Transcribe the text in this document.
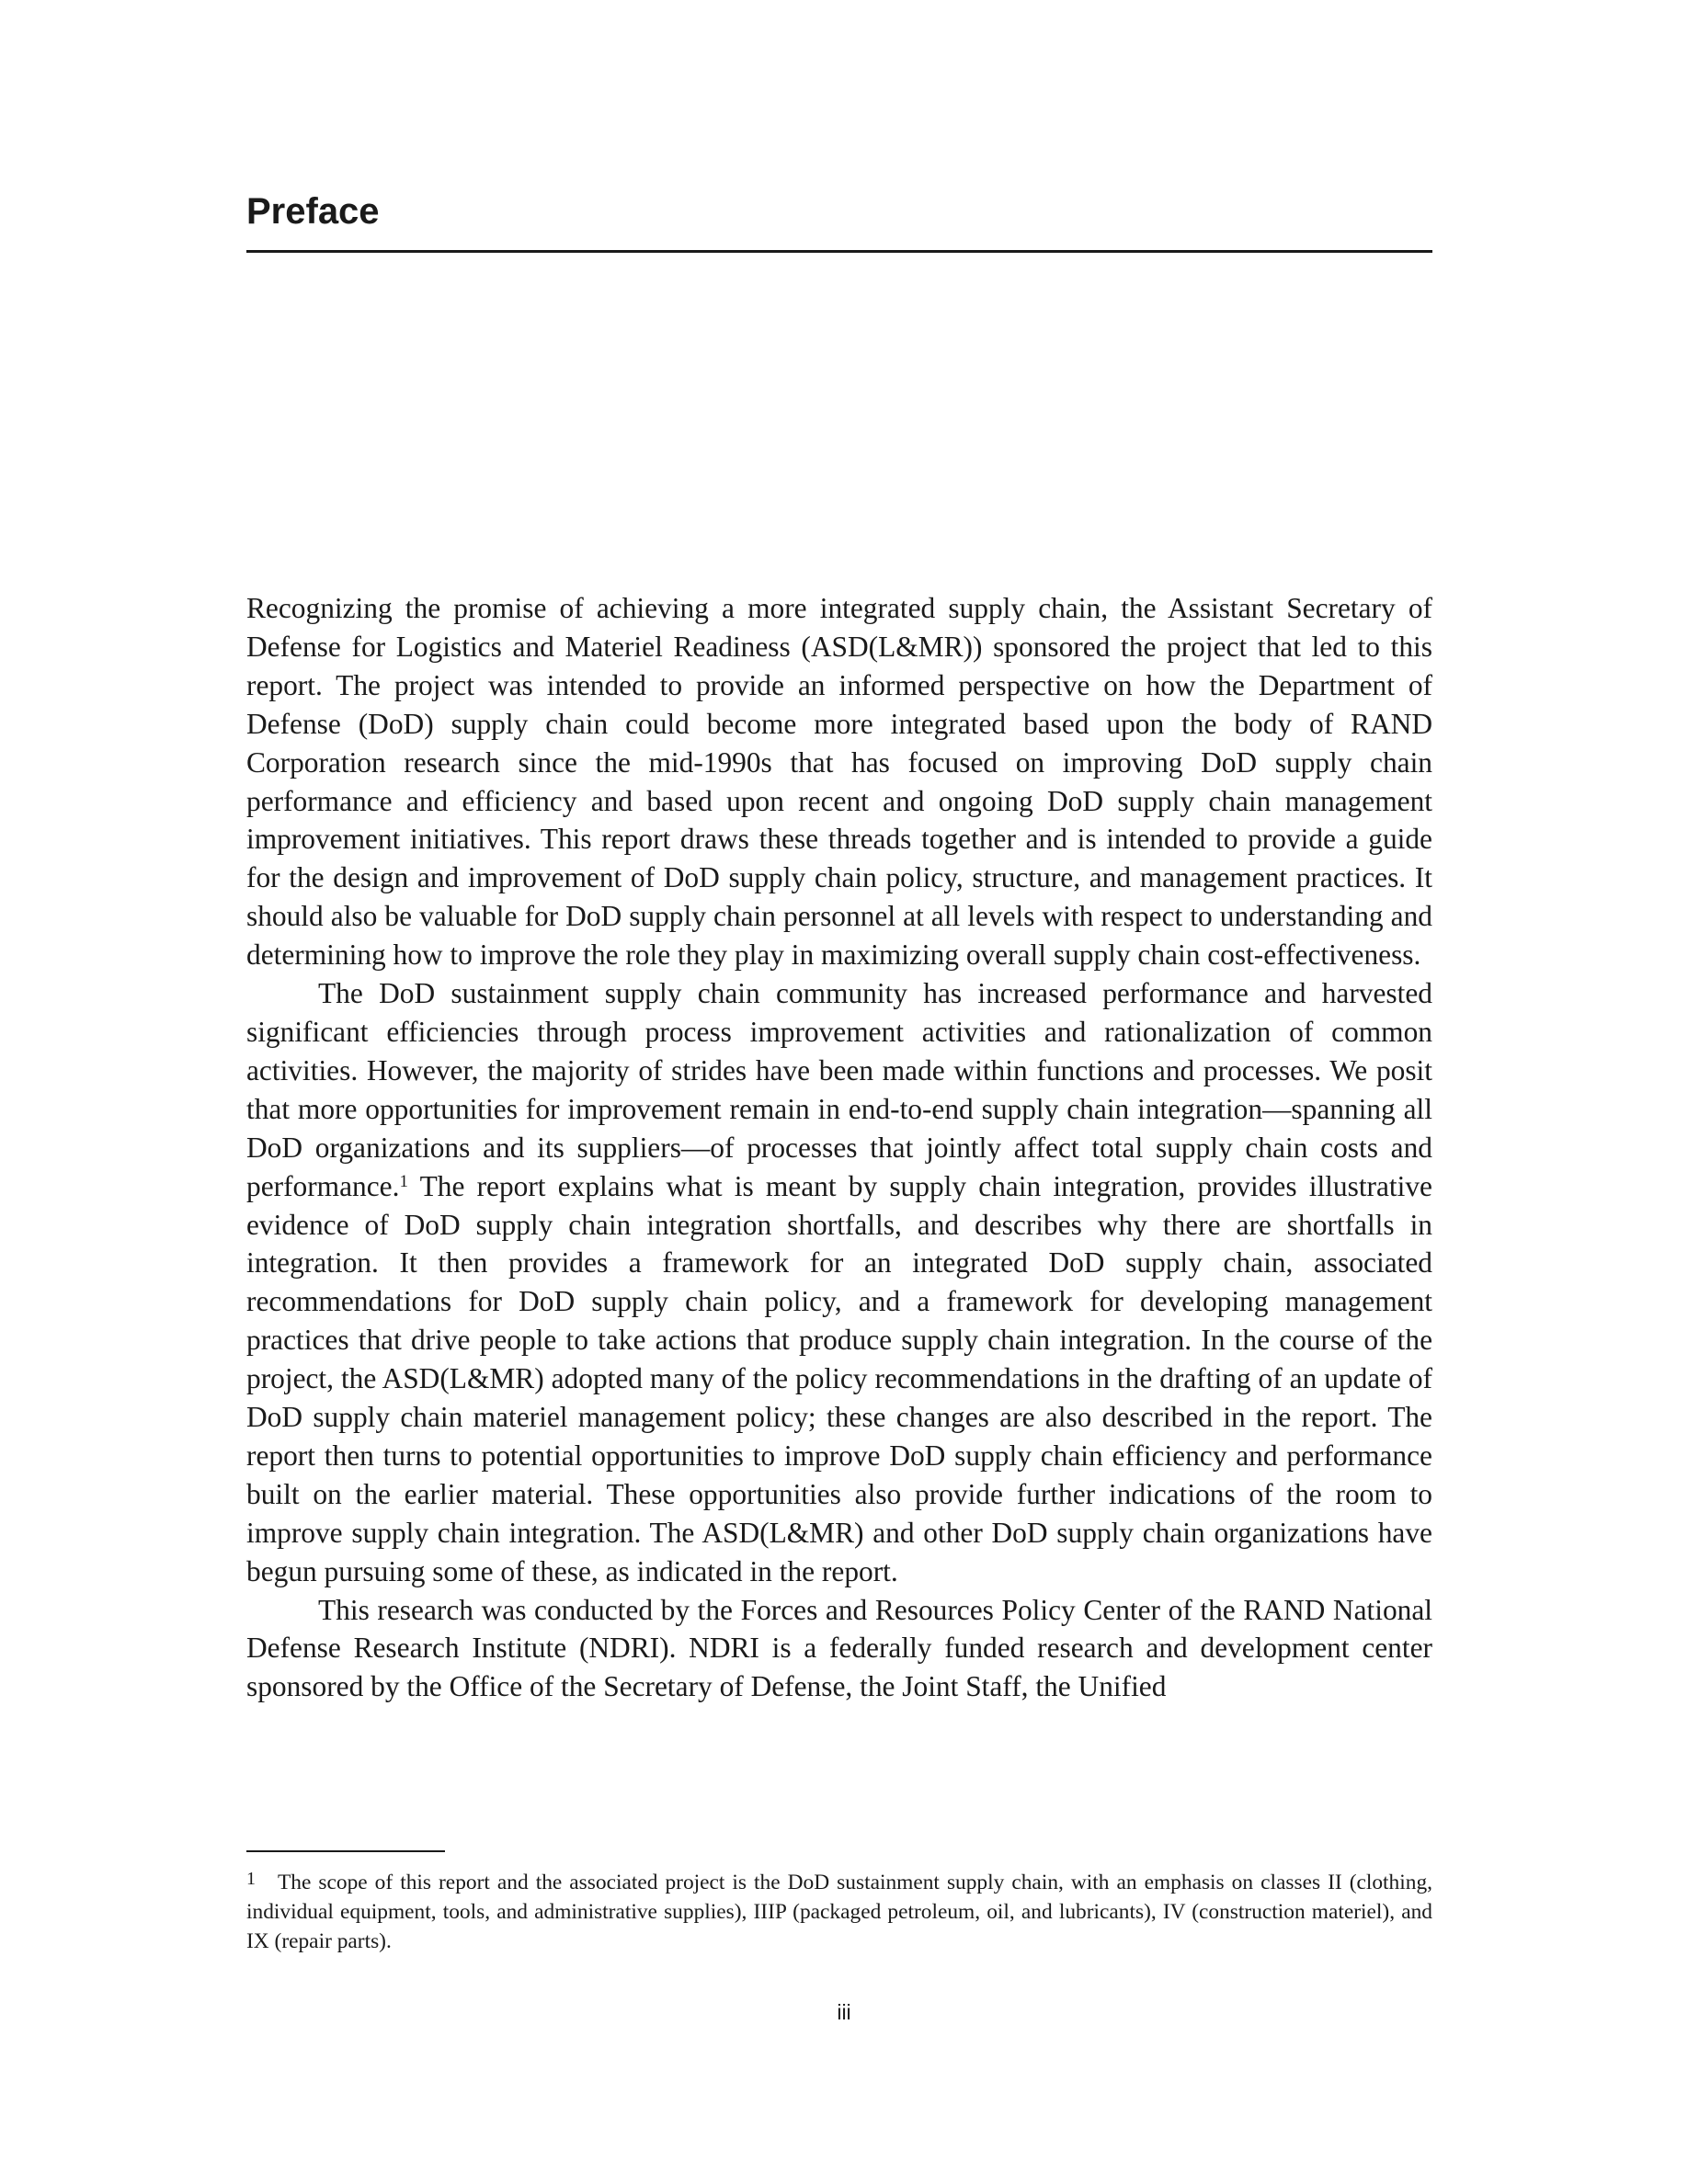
Preface

Recognizing the promise of achieving a more integrated supply chain, the Assistant Secretary of Defense for Logistics and Materiel Readiness (ASD(L&MR)) sponsored the project that led to this report. The project was intended to provide an informed perspective on how the Department of Defense (DoD) supply chain could become more integrated based upon the body of RAND Corporation research since the mid-1990s that has focused on improving DoD supply chain performance and efficiency and based upon recent and ongoing DoD supply chain management improvement initiatives. This report draws these threads together and is intended to provide a guide for the design and improvement of DoD supply chain policy, structure, and management practices. It should also be valuable for DoD supply chain personnel at all levels with respect to understanding and determining how to improve the role they play in maximizing overall supply chain cost-effectiveness.

The DoD sustainment supply chain community has increased performance and harvested significant efficiencies through process improvement activities and rationalization of common activities. However, the majority of strides have been made within functions and processes. We posit that more opportunities for improvement remain in end-to-end supply chain integration—spanning all DoD organizations and its suppliers—of processes that jointly affect total supply chain costs and performance.$^1$ The report explains what is meant by supply chain integration, provides illustrative evidence of DoD supply chain integration shortfalls, and describes why there are shortfalls in integration. It then provides a framework for an integrated DoD supply chain, associated recommendations for DoD supply chain policy, and a framework for developing management practices that drive people to take actions that produce supply chain integration. In the course of the project, the ASD(L&MR) adopted many of the policy recommendations in the drafting of an update of DoD supply chain materiel management policy; these changes are also described in the report. The report then turns to potential opportunities to improve DoD supply chain efficiency and performance built on the earlier material. These opportunities also provide further indications of the room to improve supply chain integration. The ASD(L&MR) and other DoD supply chain organizations have begun pursuing some of these, as indicated in the report.

This research was conducted by the Forces and Resources Policy Center of the RAND National Defense Research Institute (NDRI). NDRI is a federally funded research and development center sponsored by the Office of the Secretary of Defense, the Joint Staff, the Unified

1 The scope of this report and the associated project is the DoD sustainment supply chain, with an emphasis on classes II (clothing, individual equipment, tools, and administrative supplies), IIIP (packaged petroleum, oil, and lubricants), IV (construction materiel), and IX (repair parts).

iii
